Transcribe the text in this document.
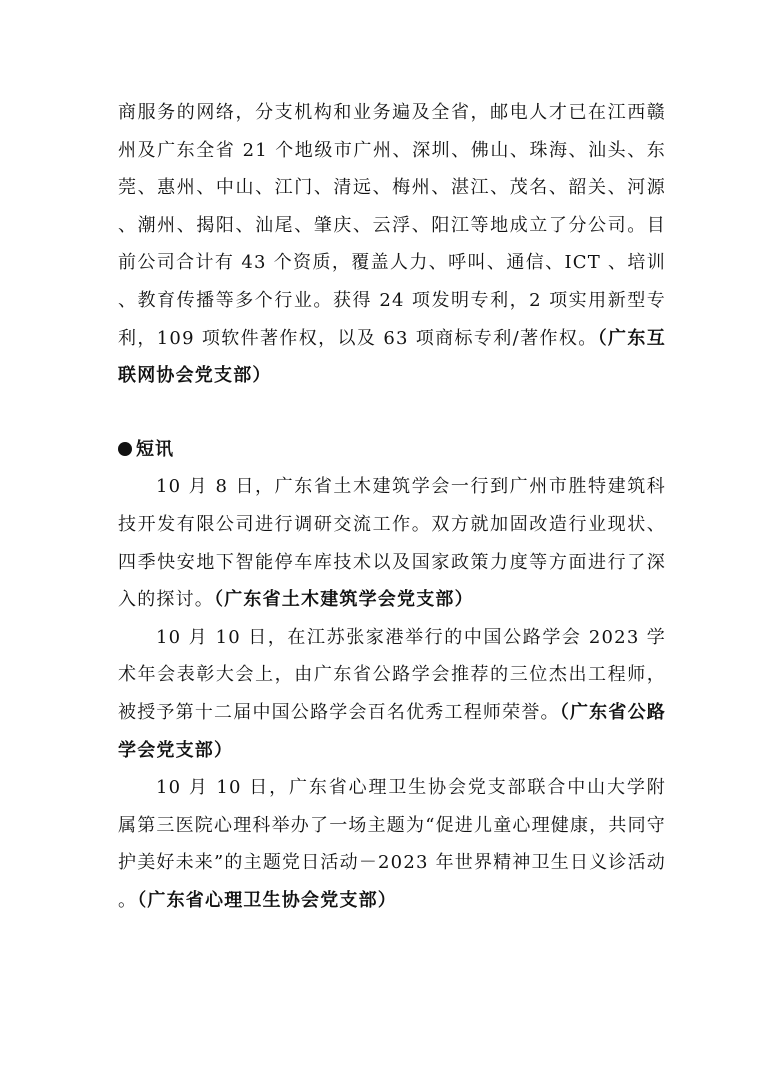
商服务的网络，分支机构和业务遍及全省，邮电人才已在江西赣州及广东全省 21 个地级市广州、深圳、佛山、珠海、汕头、东莞、惠州、中山、江门、清远、梅州、湛江、茂名、韶关、河源、潮州、揭阳、汕尾、肇庆、云浮、阳江等地成立了分公司。目前公司合计有 43 个资质，覆盖人力、呼叫、通信、ICT 、培训、教育传播等多个行业。获得 24 项发明专利，2 项实用新型专利，109 项软件著作权，以及 63 项商标专利/著作权。（广东互联网协会党支部）

短讯

10 月 8 日，广东省土木建筑学会一行到广州市胜特建筑科技开发有限公司进行调研交流工作。双方就加固改造行业现状、四季快安地下智能停车库技术以及国家政策力度等方面进行了深入的探讨。（广东省土木建筑学会党支部）

10 月 10 日，在江苏张家港举行的中国公路学会 2023 学术年会表彰大会上，由广东省公路学会推荐的三位杰出工程师，被授予第十二届中国公路学会百名优秀工程师荣誉。（广东省公路学会党支部）

10 月 10 日，广东省心理卫生协会党支部联合中山大学附属第三医院心理科举办了一场主题为“促进儿童心理健康，共同守护美好未来”的主题党日活动－2023 年世界精神卫生日义诊活动。（广东省心理卫生协会党支部）
